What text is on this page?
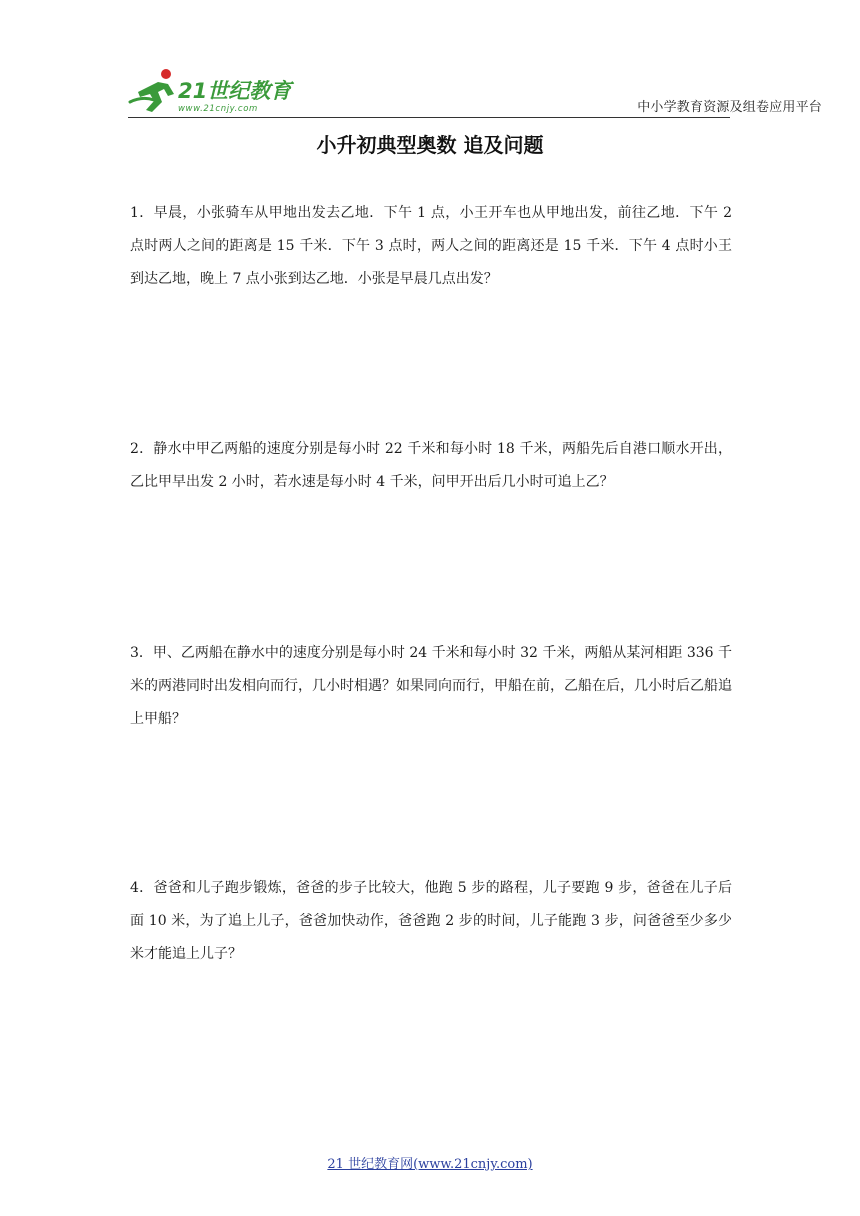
21世纪教育
www.21cnjy.com	中小学教育资源及组卷应用平台
小升初典型奥数 追及问题
1．早晨，小张骑车从甲地出发去乙地．下午 1 点，小王开车也从甲地出发，前往乙地．下午 2 点时两人之间的距离是 15 千米．下午 3 点时，两人之间的距离还是 15 千米．下午 4 点时小王到达乙地，晚上 7 点小张到达乙地．小张是早晨几点出发？
2．静水中甲乙两船的速度分别是每小时 22 千米和每小时 18 千米，两船先后自港口顺水开出，乙比甲早出发 2 小时，若水速是每小时 4 千米，问甲开出后几小时可追上乙？
3．甲、乙两船在静水中的速度分别是每小时 24 千米和每小时 32 千米，两船从某河相距 336 千米的两港同时出发相向而行，几小时相遇？如果同向而行，甲船在前，乙船在后，几小时后乙船追上甲船？
4．爸爸和儿子跑步锻炼，爸爸的步子比较大，他跑 5 步的路程，儿子要跑 9 步，爸爸在儿子后面 10 米，为了追上儿子，爸爸加快动作，爸爸跑 2 步的时间，儿子能跑 3 步，问爸爸至少多少米才能追上儿子？
21 世纪教育网(www.21cnjy.com)
